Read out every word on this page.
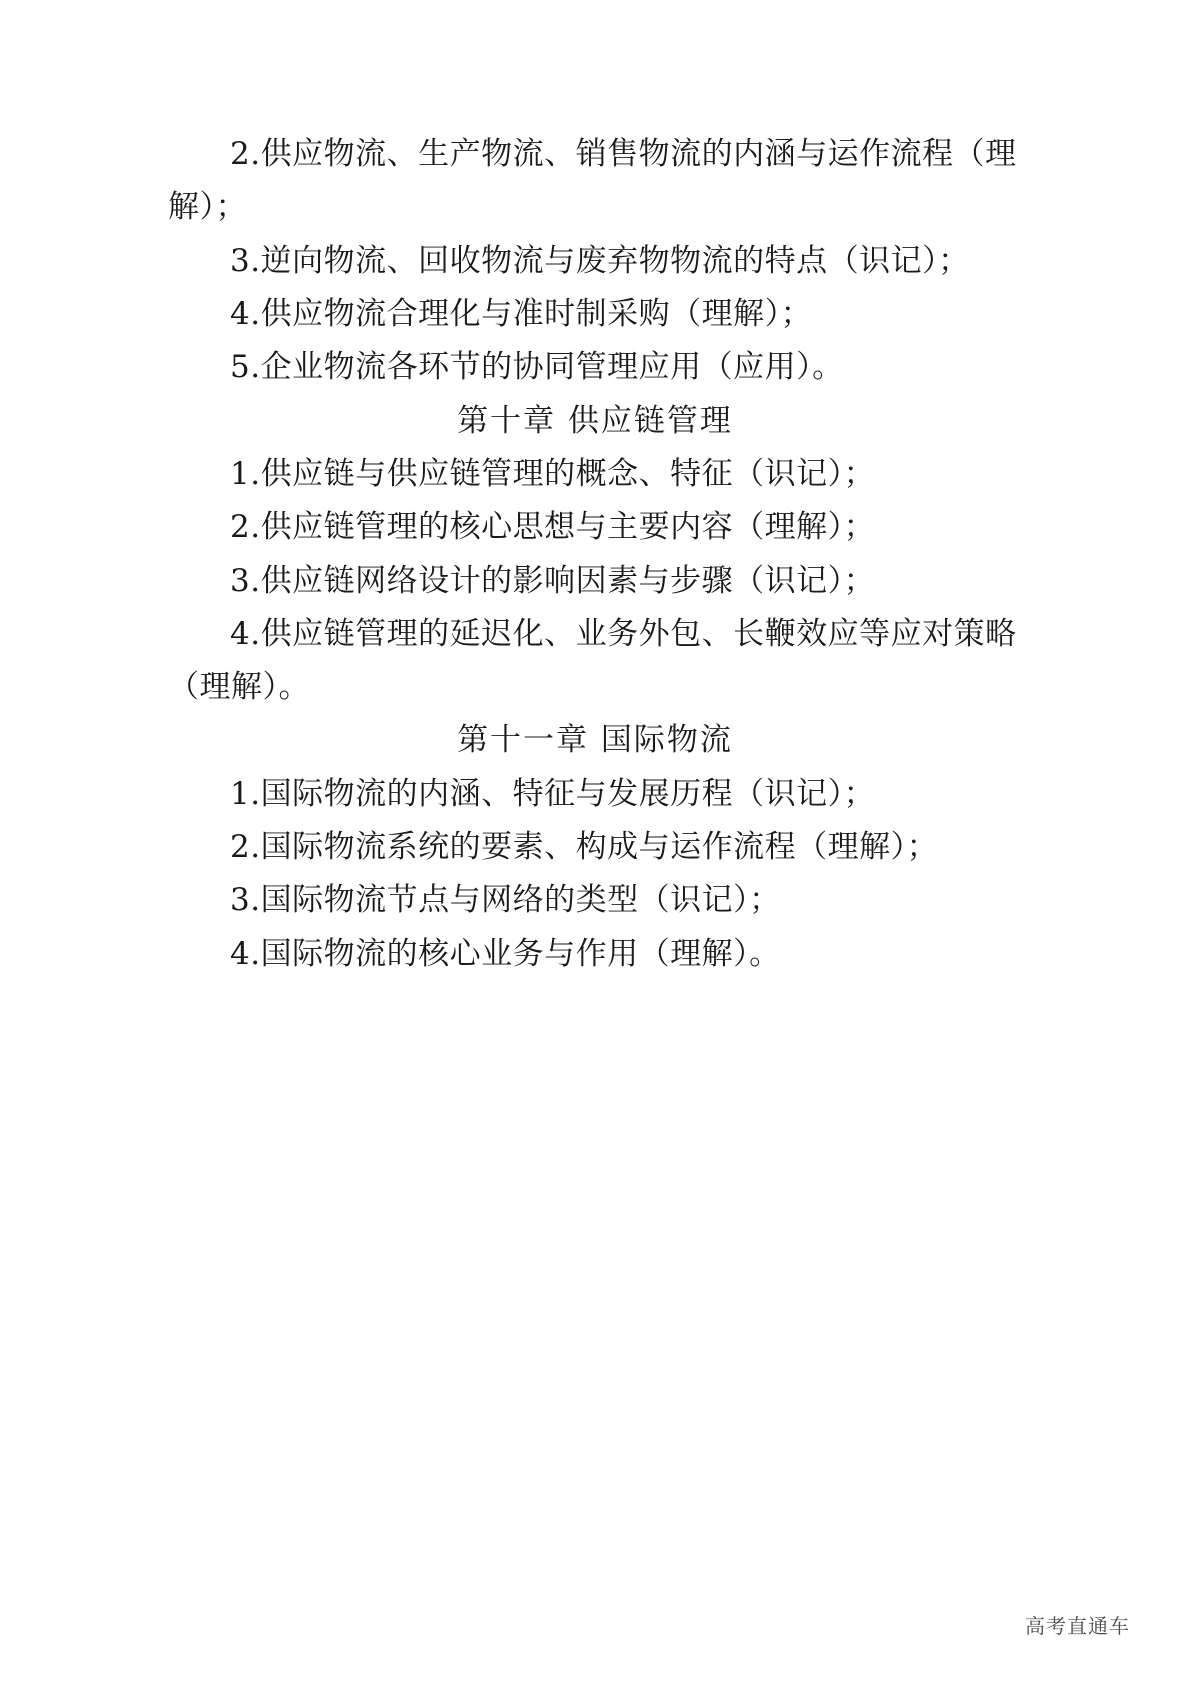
2.供应物流、生产物流、销售物流的内涵与运作流程（理解）；

3.逆向物流、回收物流与废弃物物流的特点（识记）；

4.供应物流合理化与准时制采购（理解）；

5.企业物流各环节的协同管理应用（应用）。

第十章 供应链管理

1.供应链与供应链管理的概念、特征（识记）；

2.供应链管理的核心思想与主要内容（理解）；

3.供应链网络设计的影响因素与步骤（识记）；

4.供应链管理的延迟化、业务外包、长鞭效应等应对策略（理解）。

第十一章 国际物流

1.国际物流的内涵、特征与发展历程（识记）；

2.国际物流系统的要素、构成与运作流程（理解）；

3.国际物流节点与网络的类型（识记）；

4.国际物流的核心业务与作用（理解）。

高考直通车
